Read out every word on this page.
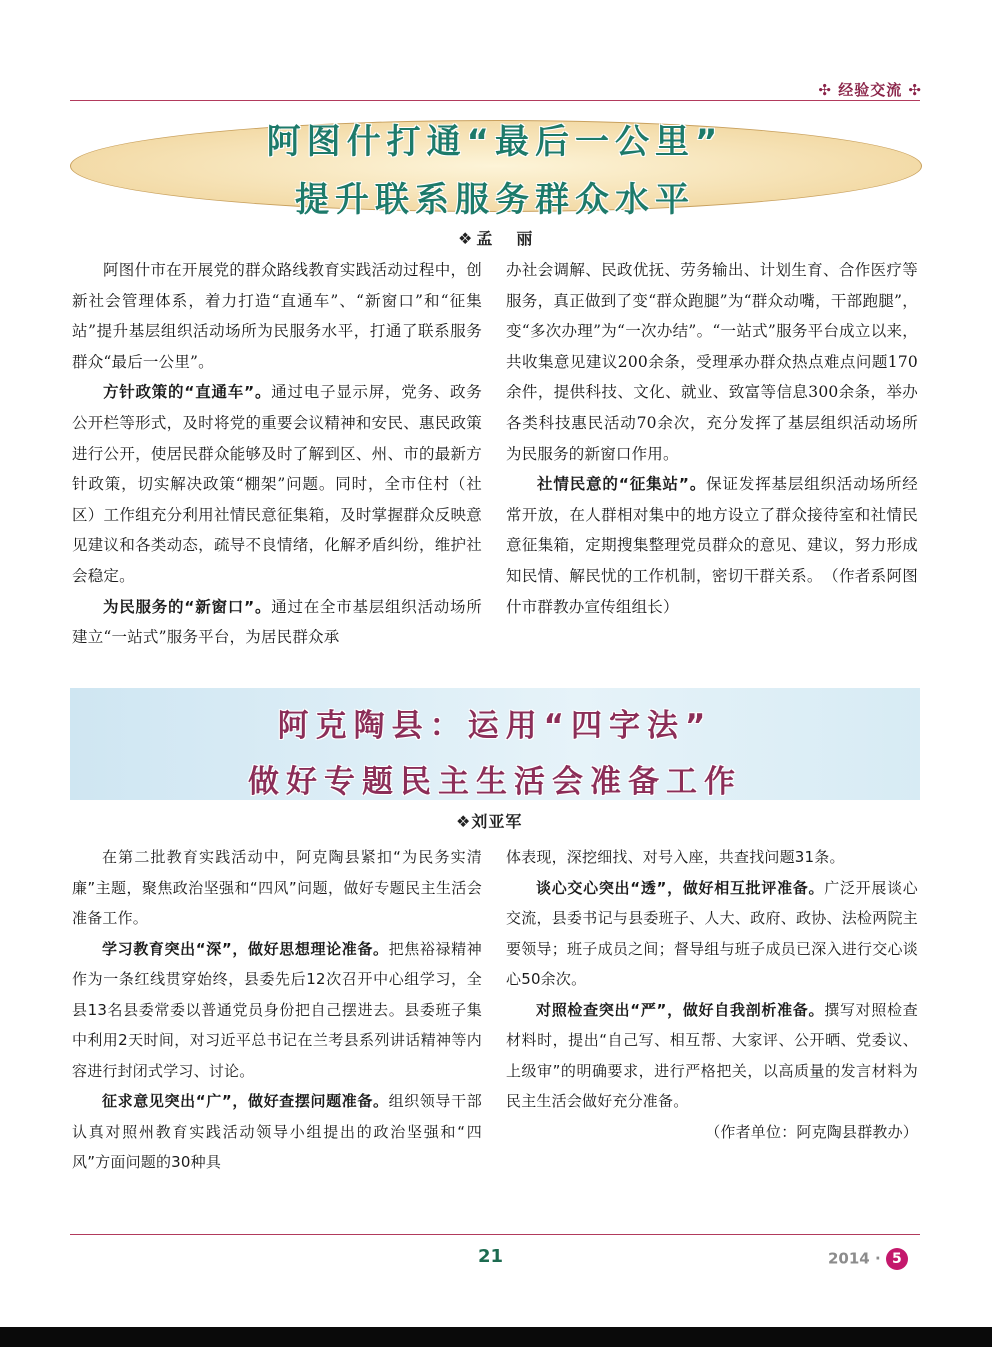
✣ 经验交流 ✣
阿图什打通“最后一公里”
提升联系服务群众水平
❖孟　丽

阿图什市在开展党的群众路线教育实践活动过程中，创新社会管理体系，着力打造“直通车”、“新窗口”和“征集站”提升基层组织活动场所为民服务水平，打通了联系服务群众“最后一公里”。

方针政策的“直通车”。通过电子显示屏，党务、政务公开栏等形式，及时将党的重要会议精神和安民、惠民政策进行公开，使居民群众能够及时了解到区、州、市的最新方针政策，切实解决政策“棚架”问题。同时，全市住村（社区）工作组充分利用社情民意征集箱，及时掌握群众反映意见建议和各类动态，疏导不良情绪，化解矛盾纠纷，维护社会稳定。

为民服务的“新窗口”。通过在全市基层组织活动场所建立“一站式”服务平台，为居民群众承

办社会调解、民政优抚、劳务输出、计划生育、合作医疗等服务，真正做到了变“群众跑腿”为“群众动嘴，干部跑腿”，变“多次办理”为“一次办结”。“一站式”服务平台成立以来，共收集意见建议200余条，受理承办群众热点难点问题170余件，提供科技、文化、就业、致富等信息300余条，举办各类科技惠民活动70余次，充分发挥了基层组织活动场所为民服务的新窗口作用。

社情民意的“征集站”。保证发挥基层组织活动场所经常开放，在人群相对集中的地方设立了群众接待室和社情民意征集箱，定期搜集整理党员群众的意见、建议，努力形成知民情、解民忧的工作机制，密切干群关系。　（作者系阿图什市群教办宣传组组长）

阿克陶县：运用“四字法”
做好专题民主生活会准备工作
❖刘亚军

在第二批教育实践活动中，阿克陶县紧扣“为民务实清廉”主题，聚焦政治坚强和“四风”问题，做好专题民主生活会准备工作。

学习教育突出“深”，做好思想理论准备。把焦裕禄精神作为一条红线贯穿始终，县委先后12次召开中心组学习，全县13名县委常委以普通党员身份把自己摆进去。县委班子集中利用2天时间，对习近平总书记在兰考县系列讲话精神等内容进行封闭式学习、讨论。

征求意见突出“广”，做好查摆问题准备。组织领导干部认真对照州教育实践活动领导小组提出的政治坚强和“四风”方面问题的30种具

体表现，深挖细找、对号入座，共查找问题31条。

谈心交心突出“透”，做好相互批评准备。广泛开展谈心交流，县委书记与县委班子、人大、政府、政协、法检两院主要领导；班子成员之间；督导组与班子成员已深入进行交心谈心50余次。

对照检查突出“严”，做好自我剖析准备。撰写对照检查材料时，提出“自己写、相互帮、大家评、公开晒、党委议、上级审”的明确要求，进行严格把关，以高质量的发言材料为民主生活会做好充分准备。

（作者单位：阿克陶县群教办）

21	2014 · 5
